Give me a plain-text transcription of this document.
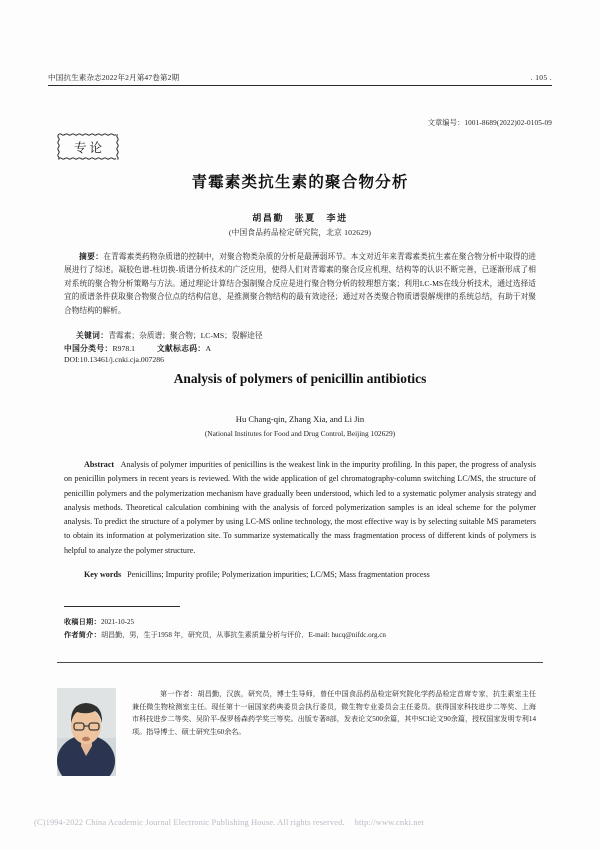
中国抗生素杂志2022年2月第47卷第2期	. 105 .
文章编号：1001-8689(2022)02-0105-09
专论
青霉素类抗生素的聚合物分析
胡昌勤　张夏　李进
(中国食品药品检定研究院，北京 102629)

摘要：在青霉素类药物杂质谱的控制中，对聚合物类杂质的分析是最薄弱环节。本文对近年来青霉素类抗生素在聚合物分析中取得的进展进行了综述。凝胶色谱-柱切换-质谱分析技术的广泛应用，使得人们对青霉素的聚合反应机理、结构等的认识不断完善，已逐渐形成了相对系统的聚合物分析策略与方法。通过理论计算结合强制聚合反应是进行聚合物分析的较理想方案；利用LC-MS在线分析技术，通过选择适宜的质谱条件获取聚合物聚合位点的结构信息，是推测聚合物结构的最有效途径；通过对各类聚合物质谱裂解规律的系统总结，有助于对聚合物结构的解析。

关键词：青霉素；杂质谱；聚合物；LC-MS；裂解途径
中国分类号：R978.1	文献标志码：A
DOI:10.13461/j.cnki.cja.007286
Analysis of polymers of penicillin antibiotics
Hu Chang-qin, Zhang Xia, and Li Jin
(National Institutes for Food and Drug Control, Beijing 102629)

Abstract Analysis of polymer impurities of penicillins is the weakest link in the impurity profiling. In this paper, the progress of analysis on penicillin polymers in recent years is reviewed. With the wide application of gel chromatography-column switching LC/MS, the structure of penicillin polymers and the polymerization mechanism have gradually been understood, which led to a systematic polymer analysis strategy and analysis methods. Theoretical calculation combining with the analysis of forced polymerization samples is an ideal scheme for the polymer analysis. To predict the structure of a polymer by using LC-MS online technology, the most effective way is by selecting suitable MS parameters to obtain its information at polymerization site. To summarize systematically the mass fragmentation process of different kinds of polymers is helpful to analyze the polymer structure.

Key words Penicillins; Impurity profile; Polymerization impurities; LC/MS; Mass fragmentation process
收稿日期：2021-10-25
作者简介：胡昌勤，男，生于1958 年，研究员，从事抗生素质量分析与评价．E-mail: hucq@nifdc.org.cn

第一作者：胡昌勤，汉族，研究员，博士生导师，曾任中国食品药品检定研究院化学药品检定首席专家，抗生素室主任兼任微生物检测室主任。现任第十一届国家药典委员会执行委员，微生物专业委员会主任委员。获得国家科技进步二等奖、上海市科技进步二等奖、吴阶平-保罗杨森药学奖三等奖。出版专著8部，发表论文500余篇，其中SCI论文90余篇，授权国家发明专利14项。指导博士、硕士研究生60余名。

(C)1994-2022 China Academic Journal Electronic Publishing House. All rights reserved. http://www.cnki.net
